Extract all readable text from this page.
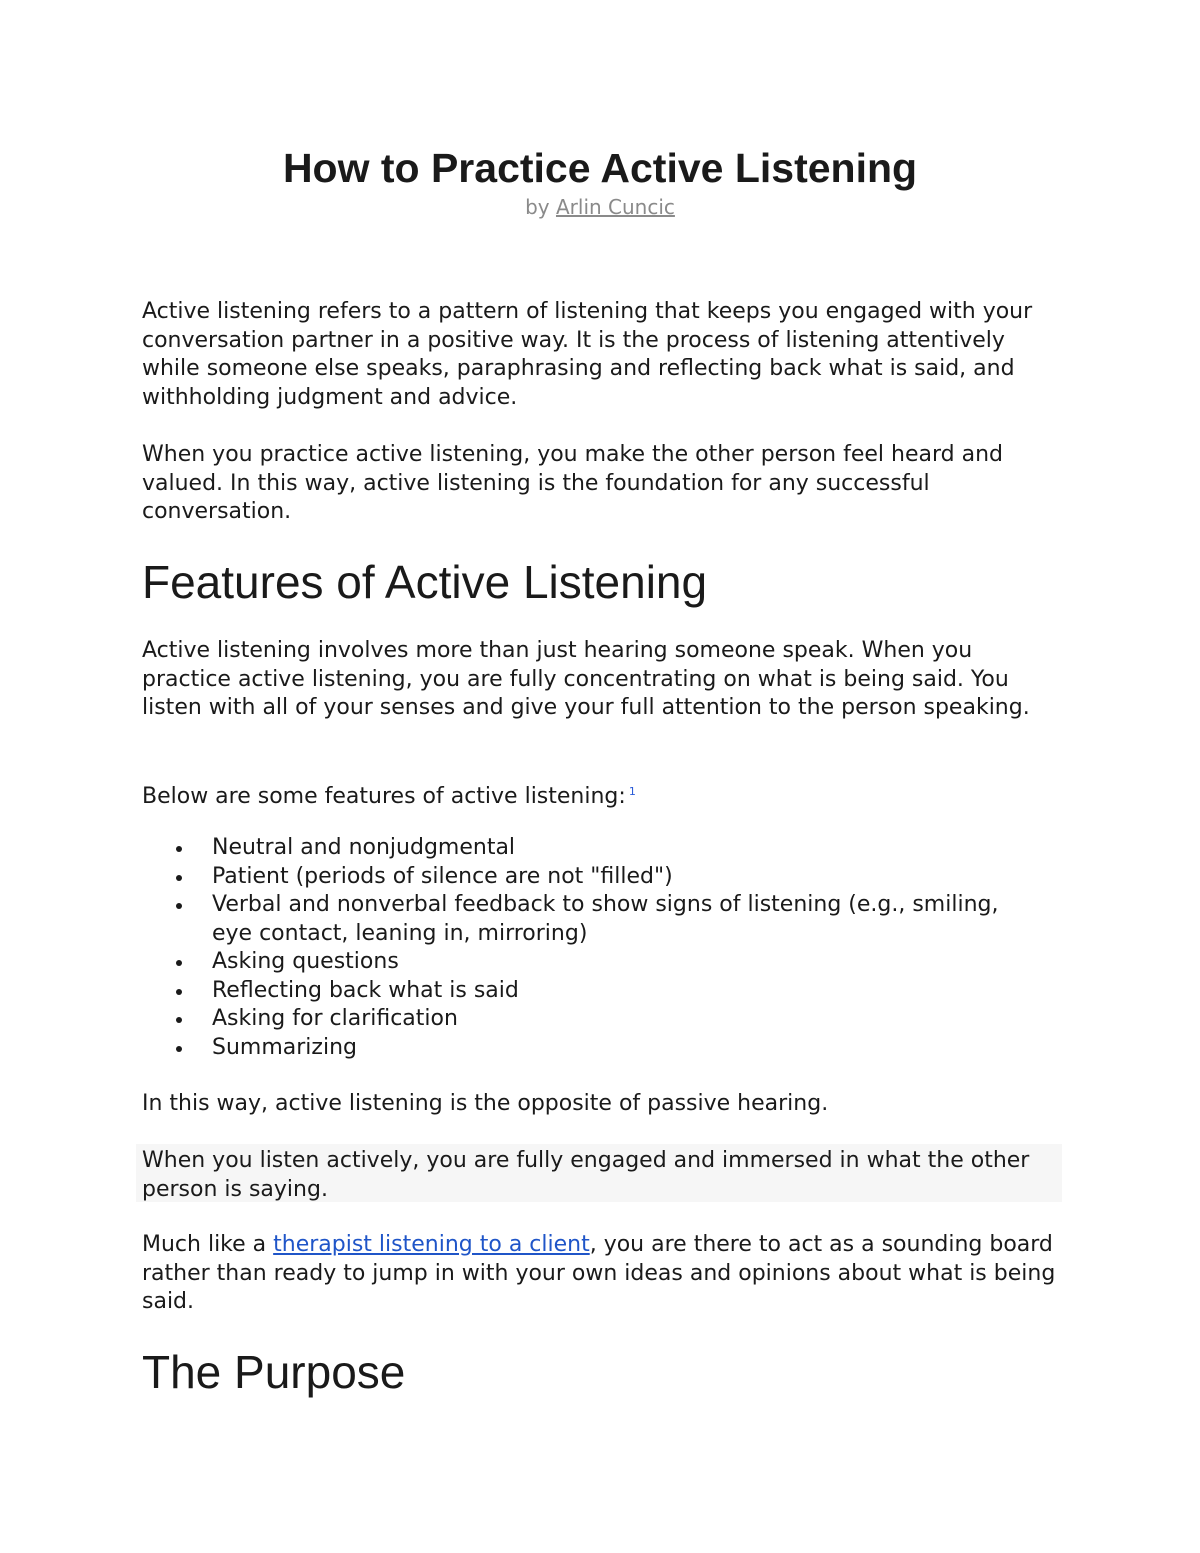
How to Practice Active Listening
by Arlin Cuncic

Active listening refers to a pattern of listening that keeps you engaged with your conversation partner in a positive way. It is the process of listening attentively while someone else speaks, paraphrasing and reflecting back what is said, and withholding judgment and advice.

When you practice active listening, you make the other person feel heard and valued. In this way, active listening is the foundation for any successful conversation.

Features of Active Listening

Active listening involves more than just hearing someone speak. When you practice active listening, you are fully concentrating on what is being said. You listen with all of your senses and give your full attention to the person speaking.

Below are some features of active listening: $^1$

Neutral and nonjudgmental
Patient (periods of silence are not "filled")
Verbal and nonverbal feedback to show signs of listening (e.g., smiling, eye contact, leaning in, mirroring)
Asking questions
Reflecting back what is said
Asking for clarification
Summarizing

In this way, active listening is the opposite of passive hearing.

When you listen actively, you are fully engaged and immersed in what the other person is saying.

Much like a therapist listening to a client, you are there to act as a sounding board rather than ready to jump in with your own ideas and opinions about what is being said.

The Purpose
